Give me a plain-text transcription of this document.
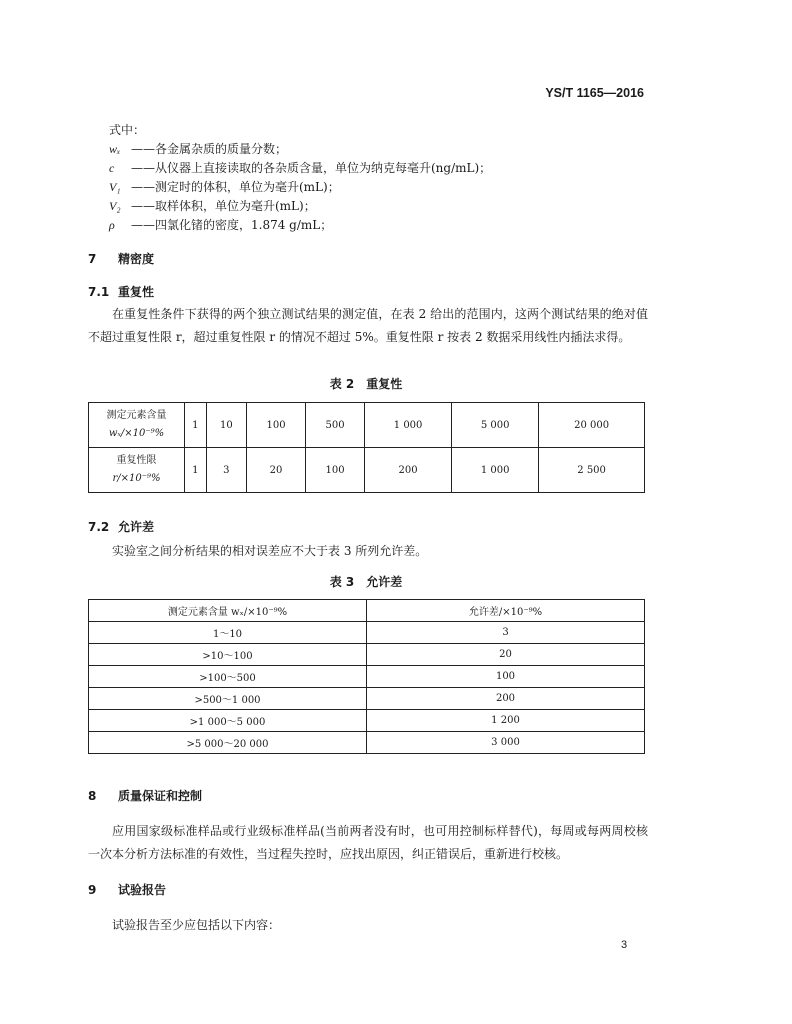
YS/T 1165—2016
式中：
wₓ ——各金属杂质的质量分数；
c ——从仪器上直接读取的各杂质含量，单位为纳克每毫升(ng/mL)；
V₁ ——测定时的体积，单位为毫升(mL)；
V₂ ——取样体积，单位为毫升(mL)；
ρ ——四氯化锗的密度，1.874 g/mL；
7 精密度
7.1 重复性
在重复性条件下获得的两个独立测试结果的测定值，在表 2 给出的范围内，这两个测试结果的绝对值不超过重复性限 r，超过重复性限 r 的情况不超过 5%。重复性限 r 按表 2 数据采用线性内插法求得。
表 2　重复性
测定元素含量
wₓ/×10⁻⁹%	1	10	100	500	1 000	5 000	20 000

重复性限
r/×10⁻⁹%	1	3	20	100	200	1 000	2 500
7.2 允许差
实验室之间分析结果的相对误差应不大于表 3 所列允许差。
表 3　允许差
测定元素含量 wₓ/×10⁻⁹%	允许差/×10⁻⁹%
1～10	3
>10～100	20
>100～500	100
>500～1 000	200
>1 000～5 000	1 200
>5 000～20 000	3 000
8 质量保证和控制
应用国家级标准样品或行业级标准样品(当前两者没有时，也可用控制标样替代)，每周或每两周校核一次本分析方法标准的有效性，当过程失控时，应找出原因，纠正错误后，重新进行校核。
9 试验报告
试验报告至少应包括以下内容：
3
